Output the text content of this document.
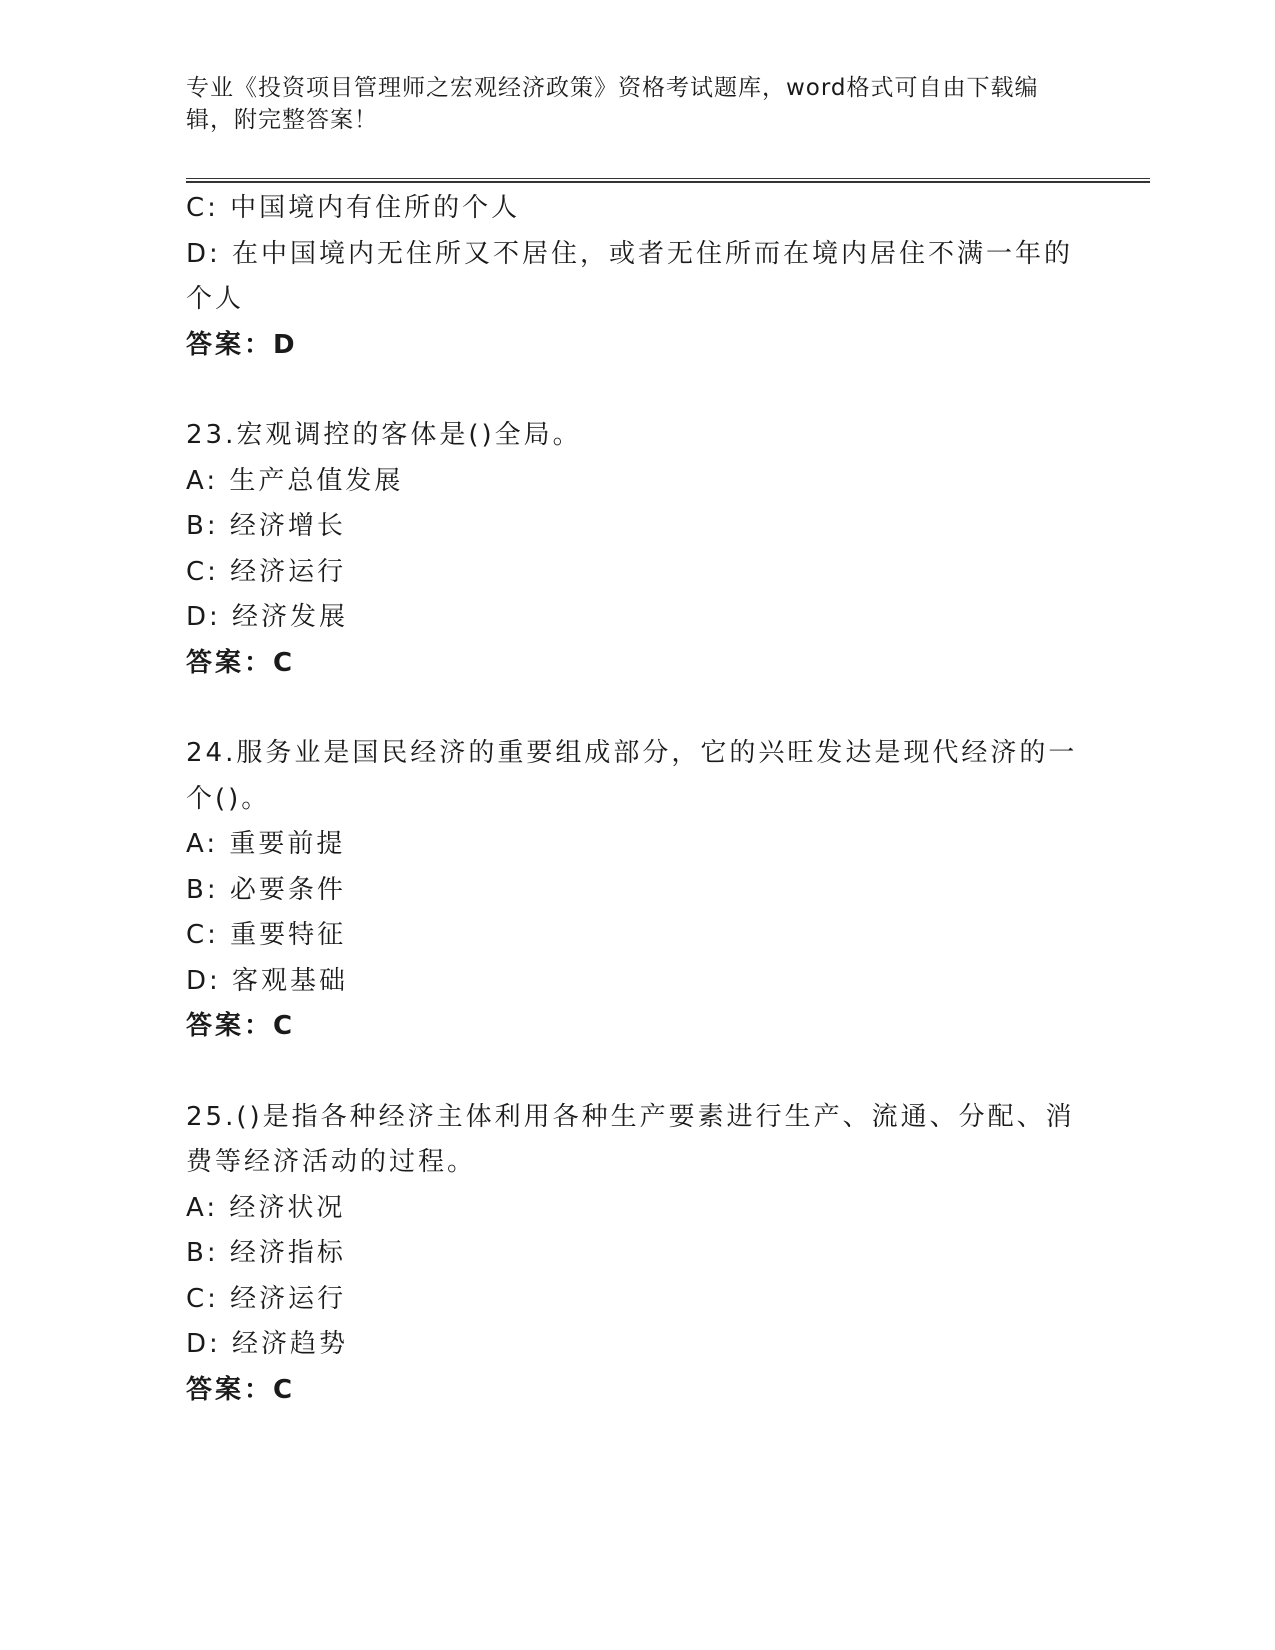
专业《投资项目管理师之宏观经济政策》资格考试题库，word格式可自由下载编辑，附完整答案！
C: 中国境内有住所的个人
D: 在中国境内无住所又不居住，或者无住所而在境内居住不满一年的个人
答案：D
23.宏观调控的客体是()全局。
A: 生产总值发展
B: 经济增长
C: 经济运行
D: 经济发展
答案：C
24.服务业是国民经济的重要组成部分，它的兴旺发达是现代经济的一个()。
A: 重要前提
B: 必要条件
C: 重要特征
D: 客观基础
答案：C
25.()是指各种经济主体利用各种生产要素进行生产、流通、分配、消费等经济活动的过程。
A: 经济状况
B: 经济指标
C: 经济运行
D: 经济趋势
答案：C
